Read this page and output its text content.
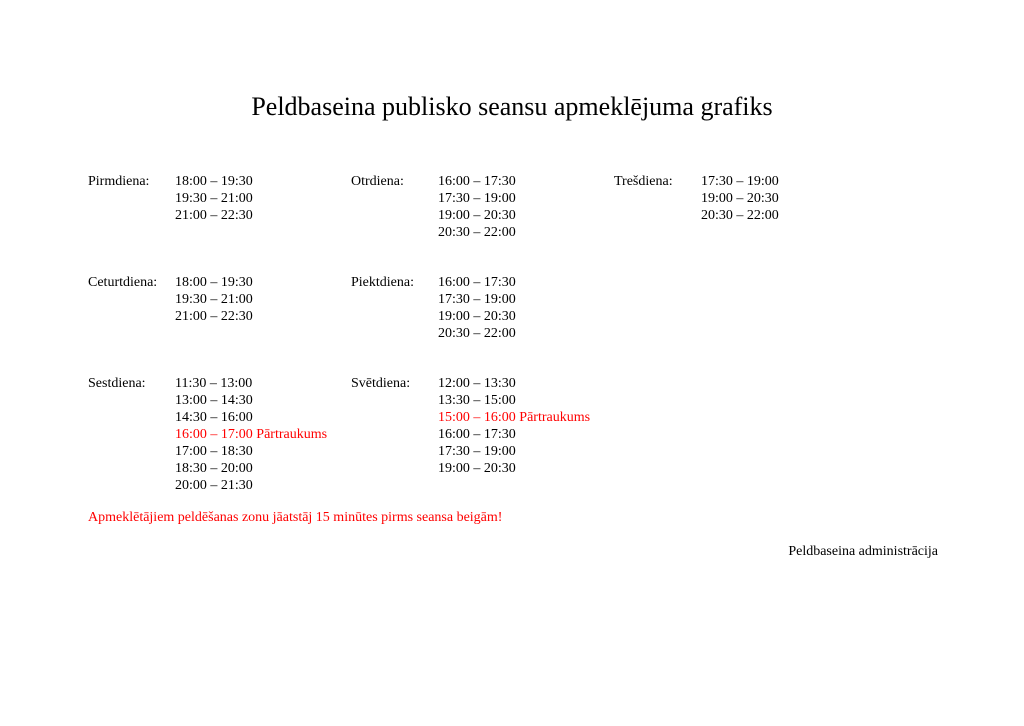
Peldbaseina publisko seansu apmeklējuma grafiks
Pirmdiena: 18:00 – 19:30
19:30 – 21:00
21:00 – 22:30
Otrdiena: 16:00 – 17:30
17:30 – 19:00
19:00 – 20:30
20:30 – 22:00
Trešdiena: 17:30 – 19:00
19:00 – 20:30
20:30 – 22:00
Ceturtdiena: 18:00 – 19:30
19:30 – 21:00
21:00 – 22:30
Piektdiena: 16:00 – 17:30
17:30 – 19:00
19:00 – 20:30
20:30 – 22:00
Sestdiena: 11:30 – 13:00
13:00 – 14:30
14:30 – 16:00
16:00 – 17:00 Pārtraukums
17:00 – 18:30
18:30 – 20:00
20:00 – 21:30
Svētdiena: 12:00 – 13:30
13:30 – 15:00
15:00 – 16:00 Pārtraukums
16:00 – 17:30
17:30 – 19:00
19:00 – 20:30
Apmeklētājiem peldēšanas zonu jāatstāj 15 minūtes pirms seansa beigām!
Peldbaseina administrācija
